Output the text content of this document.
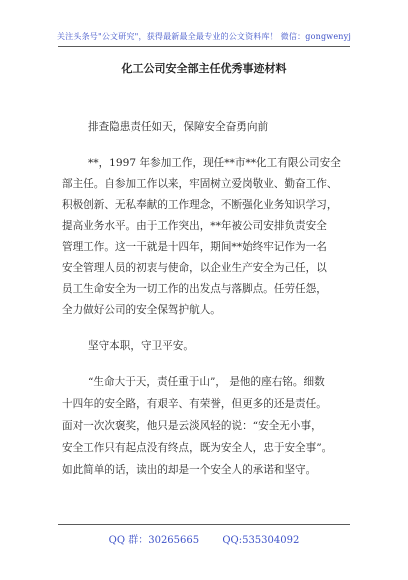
关注头条号"公文研究"，获得最新最全最专业的公文资料库！ 微信：gongwenyj
化工公司安全部主任优秀事迹材料
排查隐患责任如天，保障安全奋勇向前
**，1997 年参加工作，现任**市**化工有限公司安全
部主任。自参加工作以来，牢固树立爱岗敬业、勤奋工作、
积极创新、无私奉献的工作理念，不断强化业务知识学习，
提高业务水平。由于工作突出，**年被公司安排负责安全
管理工作。这一干就是十四年，期间**始终牢记作为一名
安全管理人员的初衷与使命，以企业生产安全为己任，以
员工生命安全为一切工作的出发点与落脚点。任劳任怨，
全力做好公司的安全保驾护航人。
坚守本职，守卫平安。
“生命大于天，责任重于山”， 是他的座右铭。细数
十四年的安全路，有艰辛、有荣誉，但更多的还是责任。
面对一次次褒奖，他只是云淡风轻的说：“安全无小事，
安全工作只有起点没有终点，既为安全人，忠于安全事”。
如此简单的话，读出的却是一个安全人的承诺和坚守。
QQ 群：30265665 QQ:535304092
